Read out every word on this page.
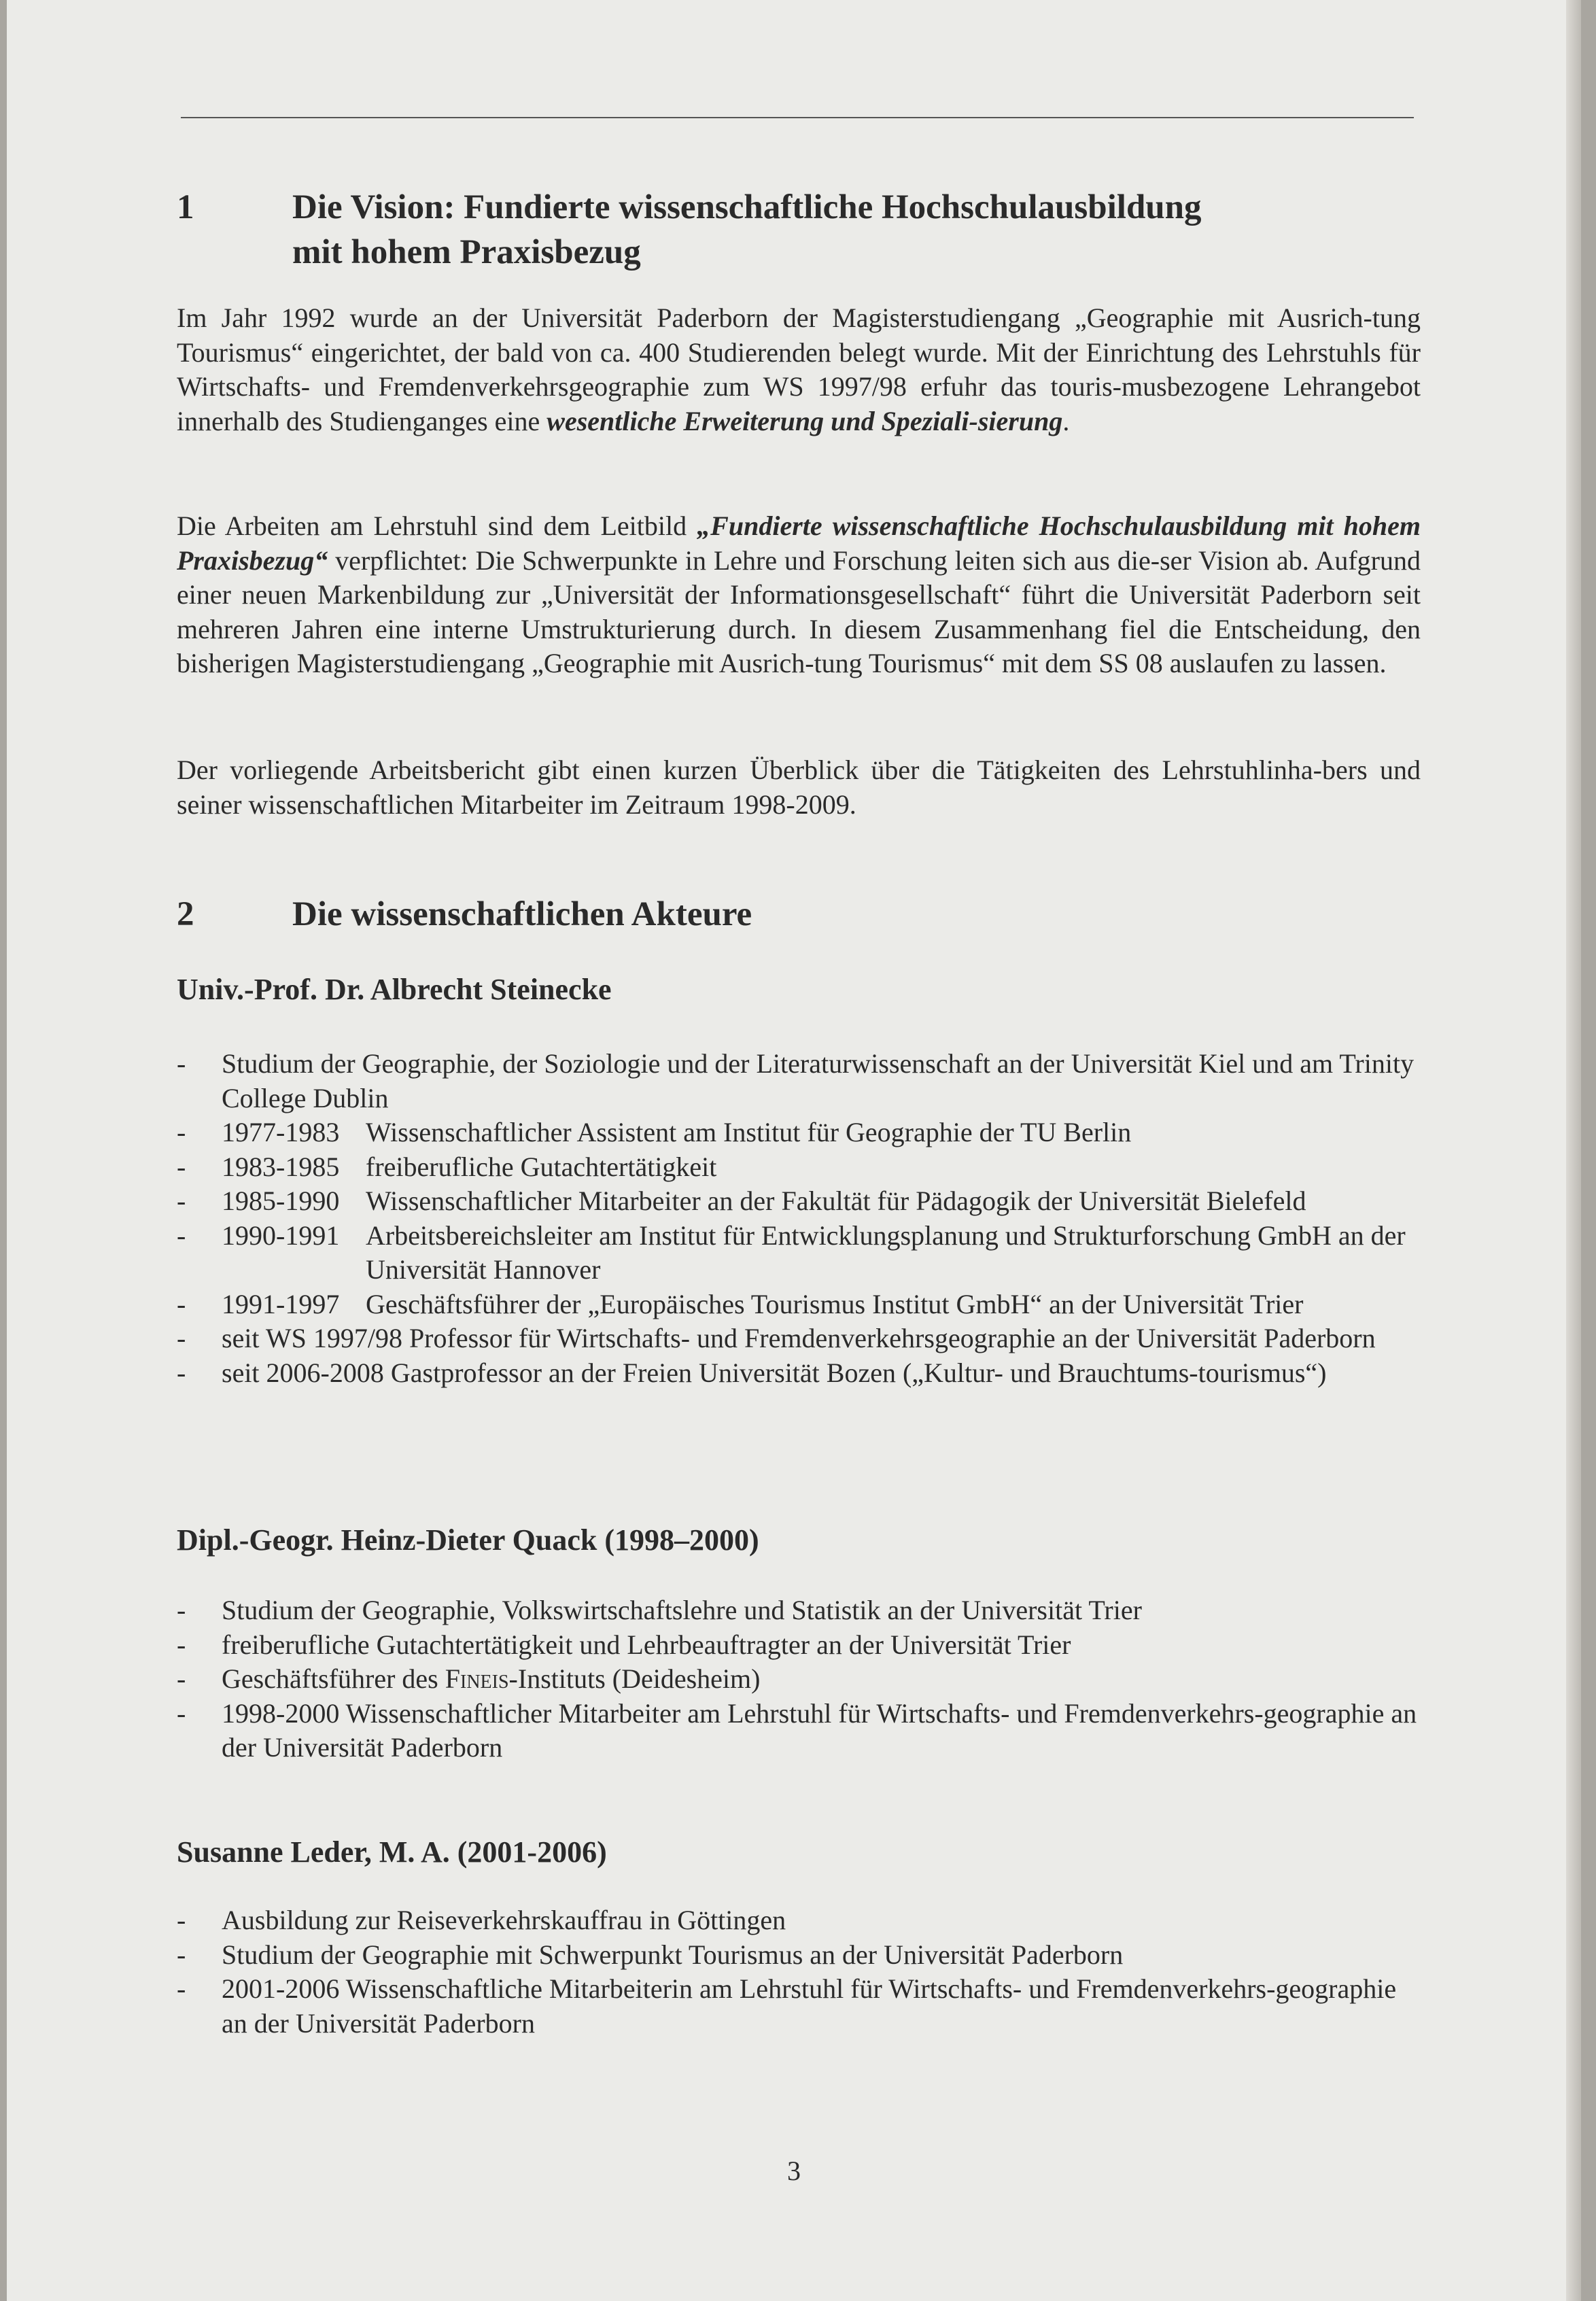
1	Die Vision: Fundierte wissenschaftliche Hochschulausbildung
mit hohem Praxisbezug

Im Jahr 1992 wurde an der Universität Paderborn der Magisterstudiengang „Geographie mit Ausrich-tung Tourismus“ eingerichtet, der bald von ca. 400 Studierenden belegt wurde. Mit der Einrichtung des Lehrstuhls für Wirtschafts- und Fremdenverkehrsgeographie zum WS 1997/98 erfuhr das touris-musbezogene Lehrangebot innerhalb des Studienganges eine wesentliche Erweiterung und Speziali-sierung.

Die Arbeiten am Lehrstuhl sind dem Leitbild „Fundierte wissenschaftliche Hochschulausbildung mit hohem Praxisbezug“ verpflichtet: Die Schwerpunkte in Lehre und Forschung leiten sich aus die-ser Vision ab. Aufgrund einer neuen Markenbildung zur „Universität der Informationsgesellschaft“ führt die Universität Paderborn seit mehreren Jahren eine interne Umstrukturierung durch. In diesem Zusammenhang fiel die Entscheidung, den bisherigen Magisterstudiengang „Geographie mit Ausrich-tung Tourismus“ mit dem SS 08 auslaufen zu lassen.

Der vorliegende Arbeitsbericht gibt einen kurzen Überblick über die Tätigkeiten des Lehrstuhlinha-bers und seiner wissenschaftlichen Mitarbeiter im Zeitraum 1998-2009.

2	Die wissenschaftlichen Akteure

Univ.-Prof. Dr. Albrecht Steinecke

- Studium der Geographie, der Soziologie und der Literaturwissenschaft an der Universität Kiel und am Trinity College Dublin
- 1977-1983 Wissenschaftlicher Assistent am Institut für Geographie der TU Berlin
- 1983-1985 freiberufliche Gutachtertätigkeit
- 1985-1990 Wissenschaftlicher Mitarbeiter an der Fakultät für Pädagogik der Universität Bielefeld
- 1990-1991 Arbeitsbereichsleiter am Institut für Entwicklungsplanung und Strukturforschung GmbH an der Universität Hannover
- 1991-1997 Geschäftsführer der „Europäisches Tourismus Institut GmbH“ an der Universität Trier
- seit WS 1997/98 Professor für Wirtschafts- und Fremdenverkehrsgeographie an der Universität Paderborn
- seit 2006-2008 Gastprofessor an der Freien Universität Bozen („Kultur- und Brauchtums-tourismus“)

Dipl.-Geogr. Heinz-Dieter Quack (1998–2000)

- Studium der Geographie, Volkswirtschaftslehre und Statistik an der Universität Trier
- freiberufliche Gutachtertätigkeit und Lehrbeauftragter an der Universität Trier
- Geschäftsführer des Fineis-Instituts (Deidesheim)
- 1998-2000 Wissenschaftlicher Mitarbeiter am Lehrstuhl für Wirtschafts- und Fremdenverkehrs-geographie an der Universität Paderborn

Susanne Leder, M. A. (2001-2006)

- Ausbildung zur Reiseverkehrskauffrau in Göttingen
- Studium der Geographie mit Schwerpunkt Tourismus an der Universität Paderborn
- 2001-2006 Wissenschaftliche Mitarbeiterin am Lehrstuhl für Wirtschafts- und Fremdenverkehrs-geographie an der Universität Paderborn
3
